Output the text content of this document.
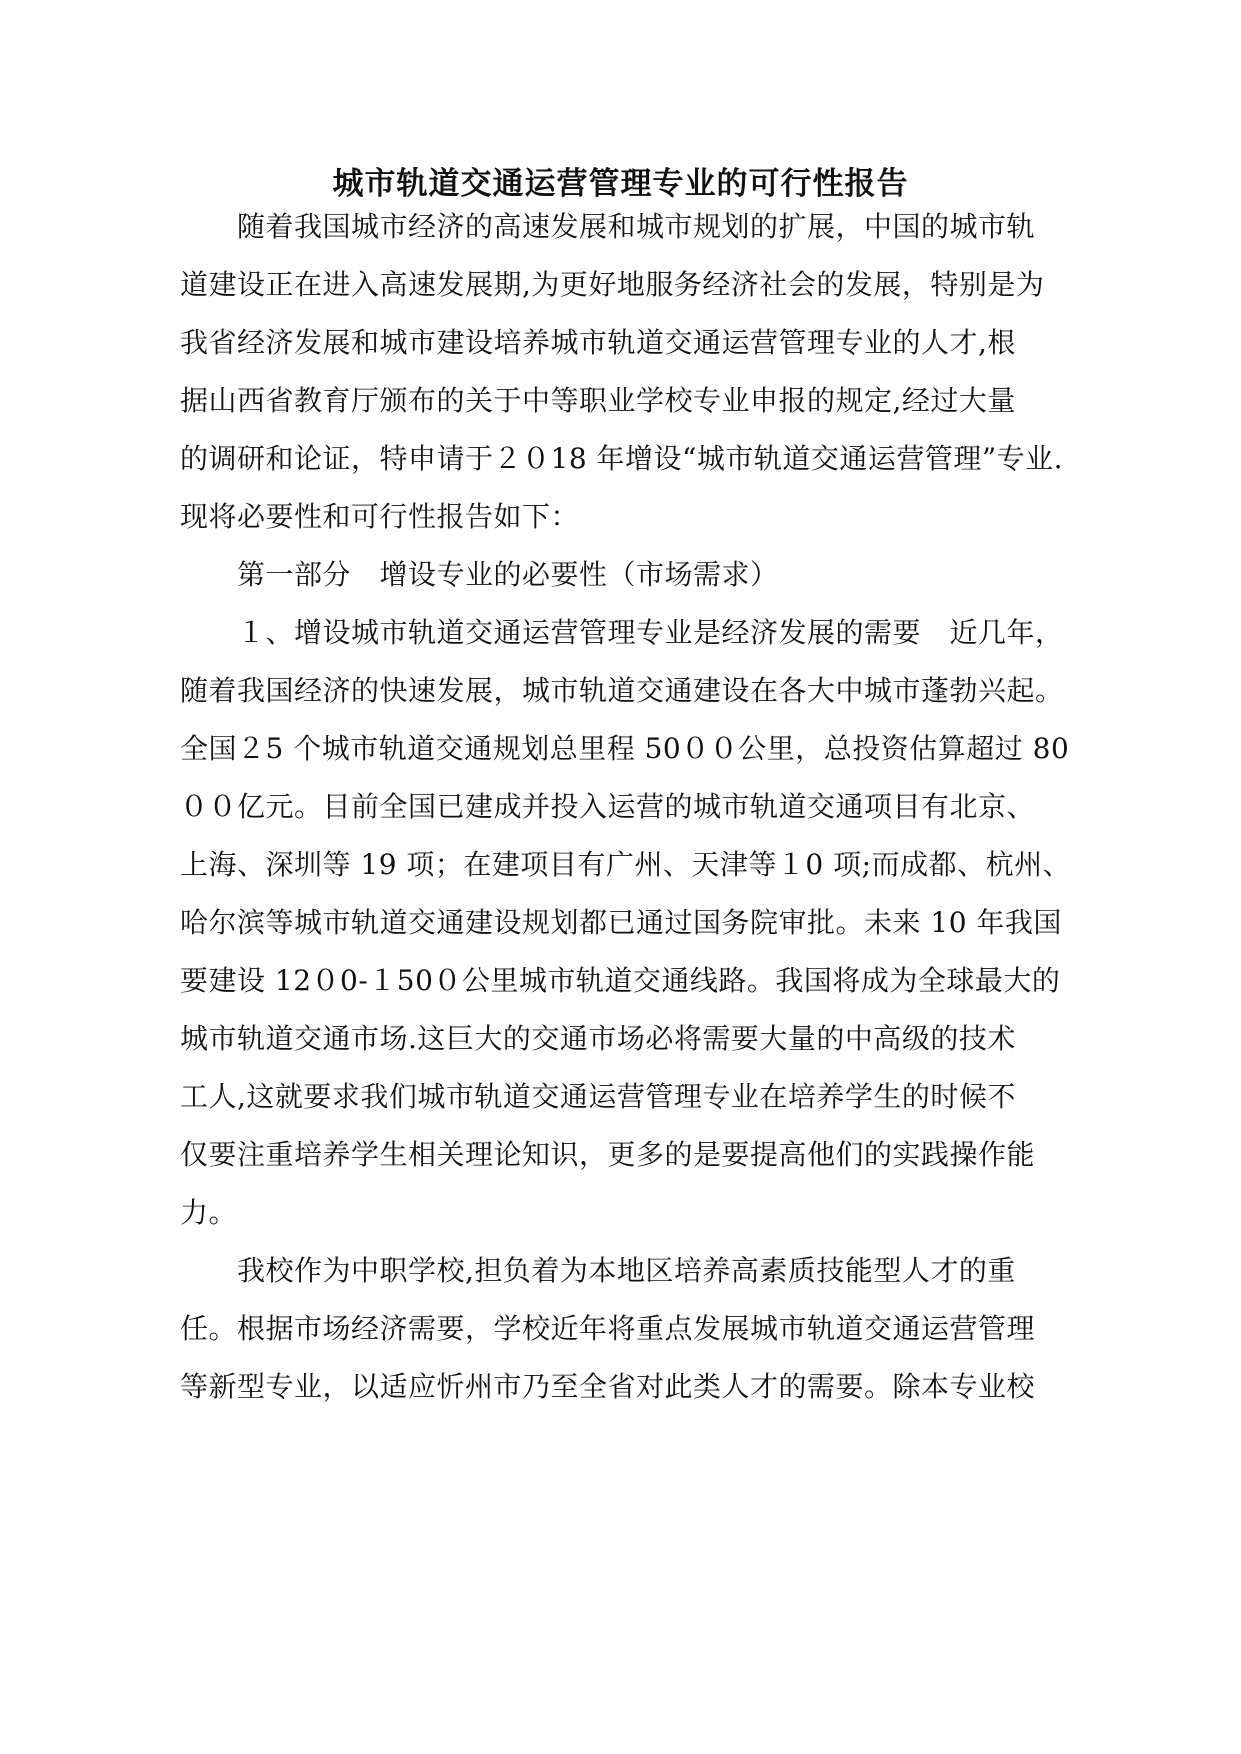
城市轨道交通运营管理专业的可行性报告
　　随着我国城市经济的高速发展和城市规划的扩展，中国的城市轨
道建设正在进入高速发展期,为更好地服务经济社会的发展，特别是为
我省经济发展和城市建设培养城市轨道交通运营管理专业的人才,根
据山西省教育厅颁布的关于中等职业学校专业申报的规定,经过大量
的调研和论证，特申请于２０18 年增设“城市轨道交通运营管理”专业.
现将必要性和可行性报告如下：
　　第一部分　增设专业的必要性（市场需求）
　　１、增设城市轨道交通运营管理专业是经济发展的需要　近几年，
随着我国经济的快速发展，城市轨道交通建设在各大中城市蓬勃兴起。
全国２5 个城市轨道交通规划总里程 50００公里，总投资估算超过 80
００亿元。目前全国已建成并投入运营的城市轨道交通项目有北京、
上海、深圳等 19 项；在建项目有广州、天津等１0 项;而成都、杭州、
哈尔滨等城市轨道交通建设规划都已通过国务院审批。未来 10 年我国
要建设 12０0-１50０公里城市轨道交通线路。我国将成为全球最大的
城市轨道交通市场.这巨大的交通市场必将需要大量的中高级的技术
工人,这就要求我们城市轨道交通运营管理专业在培养学生的时候不
仅要注重培养学生相关理论知识，更多的是要提高他们的实践操作能
力。
　　我校作为中职学校,担负着为本地区培养高素质技能型人才的重
任。根据市场经济需要，学校近年将重点发展城市轨道交通运营管理
等新型专业，以适应忻州市乃至全省对此类人才的需要。除本专业校
